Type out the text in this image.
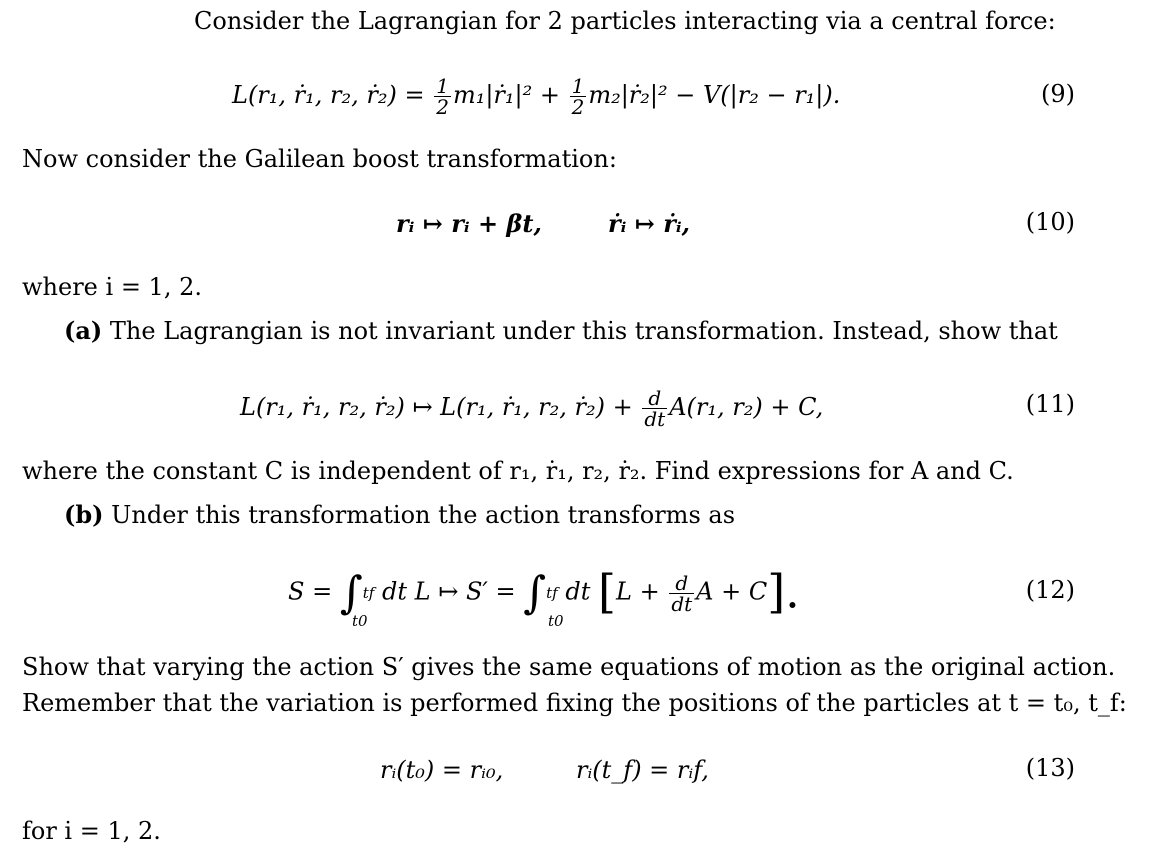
Consider the Lagrangian for 2 particles interacting via a central force:
L(r₁, ṙ₁, r₂, ṙ₂) = $\frac{1}{2}$ m₁|ṙ₁|² + $\frac{1}{2}$ m₂|ṙ₂|² − V(|r₂ − r₁|).	(9)
Now consider the Galilean boost transformation:
rᵢ ↦ rᵢ + βt,	ṙᵢ ↦ ṙᵢ,	(10)
where i = 1, 2.
(a) The Lagrangian is not invariant under this transformation. Instead, show that
L(r₁, ṙ₁, r₂, ṙ₂) ↦ L(r₁, ṙ₁, r₂, ṙ₂) + $\frac{d}{dt} A(r_1$, r₂) + C,	(11)
where the constant C is independent of r₁, ṙ₁, r₂, ṙ₂. Find expressions for A and C.
(b) Under this transformation the action transforms as
S = ∫tf dt L ↦ S′ = ∫tf dt [$L + \frac{d}{dt}$ A + C].
t0	t0
(12)
Show that varying the action S′ gives the same equations of motion as the original action.
Remember that the variation is performed fixing the positions of the particles at t = t₀, t_f:
rᵢ(t₀) = rᵢ₀,	rᵢ(t_f) = rᵢf,	(13)
for i = 1, 2.
